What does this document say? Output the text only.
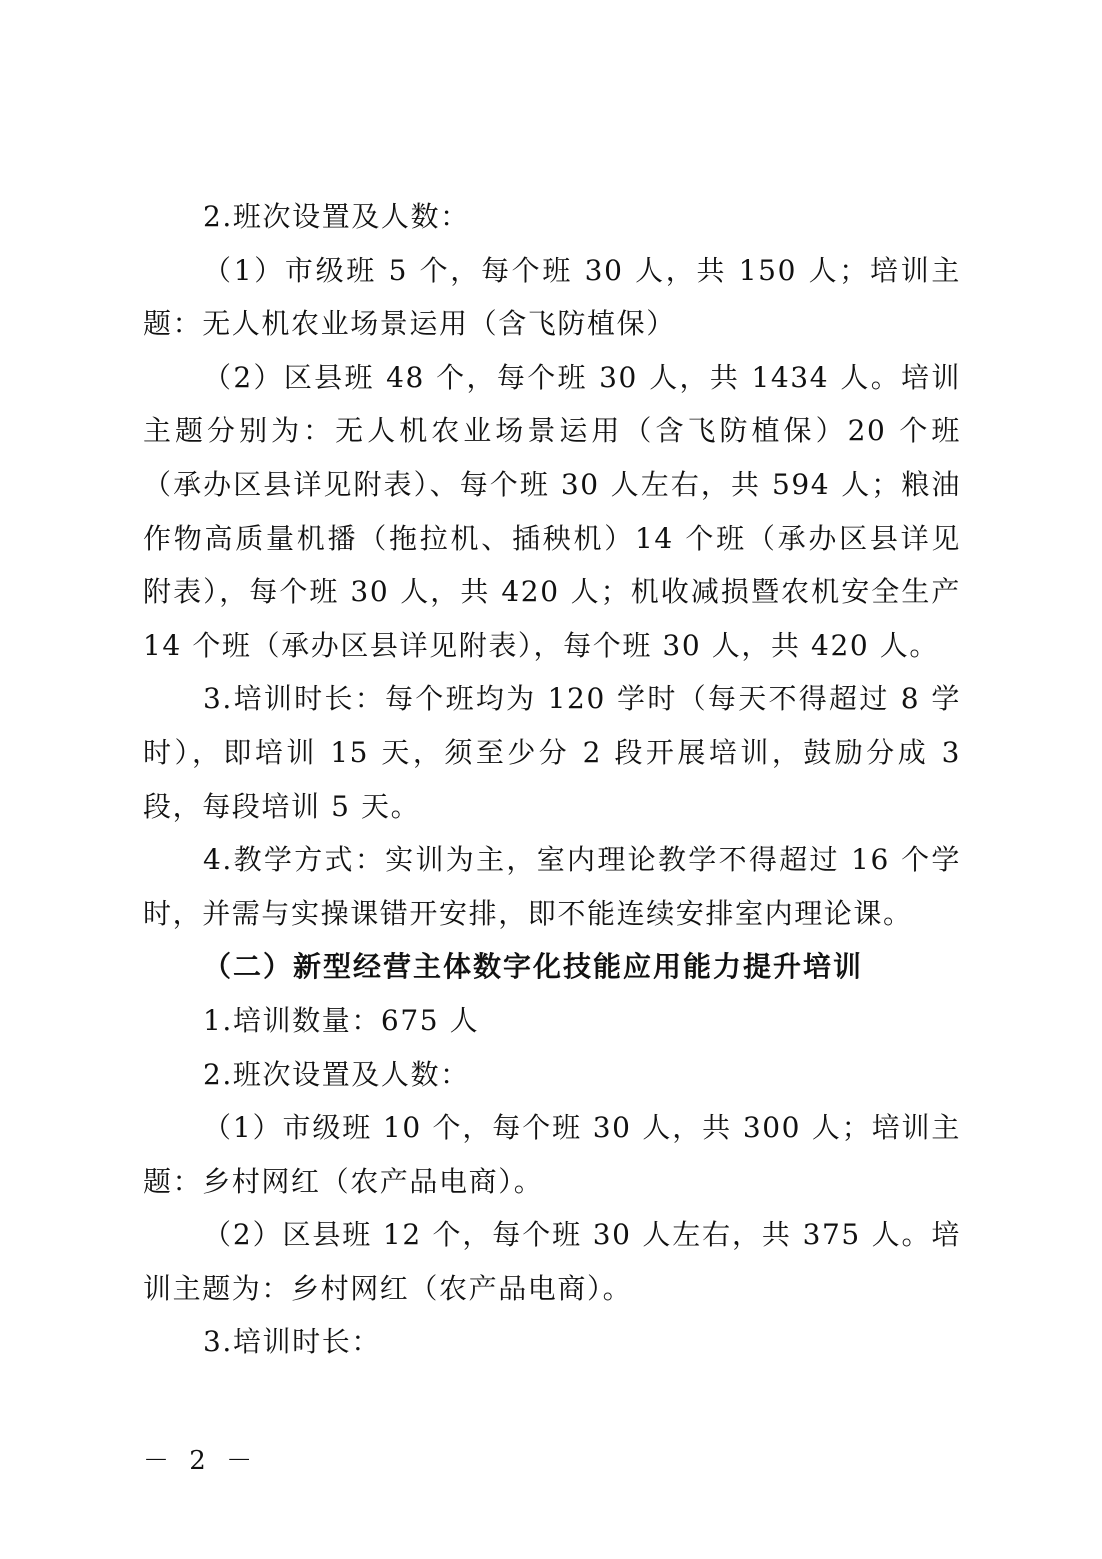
2.班次设置及人数：

（1）市级班 5 个，每个班 30 人，共 150 人；培训主题：无人机农业场景运用（含飞防植保）

（2）区县班 48 个，每个班 30 人，共 1434 人。培训主题分别为：无人机农业场景运用（含飞防植保）20 个班（承办区县详见附表）、每个班 30 人左右，共 594 人；粮油作物高质量机播（拖拉机、插秧机）14 个班（承办区县详见附表），每个班 30 人，共 420 人；机收减损暨农机安全生产 14 个班（承办区县详见附表），每个班 30 人，共 420 人。

3.培训时长：每个班均为 120 学时（每天不得超过 8 学时），即培训 15 天，须至少分 2 段开展培训，鼓励分成 3 段，每段培训 5 天。

4.教学方式：实训为主，室内理论教学不得超过 16 个学时，并需与实操课错开安排，即不能连续安排室内理论课。

（二）新型经营主体数字化技能应用能力提升培训

1.培训数量：675 人

2.班次设置及人数：

（1）市级班 10 个，每个班 30 人，共 300 人；培训主题：乡村网红（农产品电商）。

（2）区县班 12 个，每个班 30 人左右，共 375 人。培训主题为：乡村网红（农产品电商）。

3.培训时长：

－ 2 －
